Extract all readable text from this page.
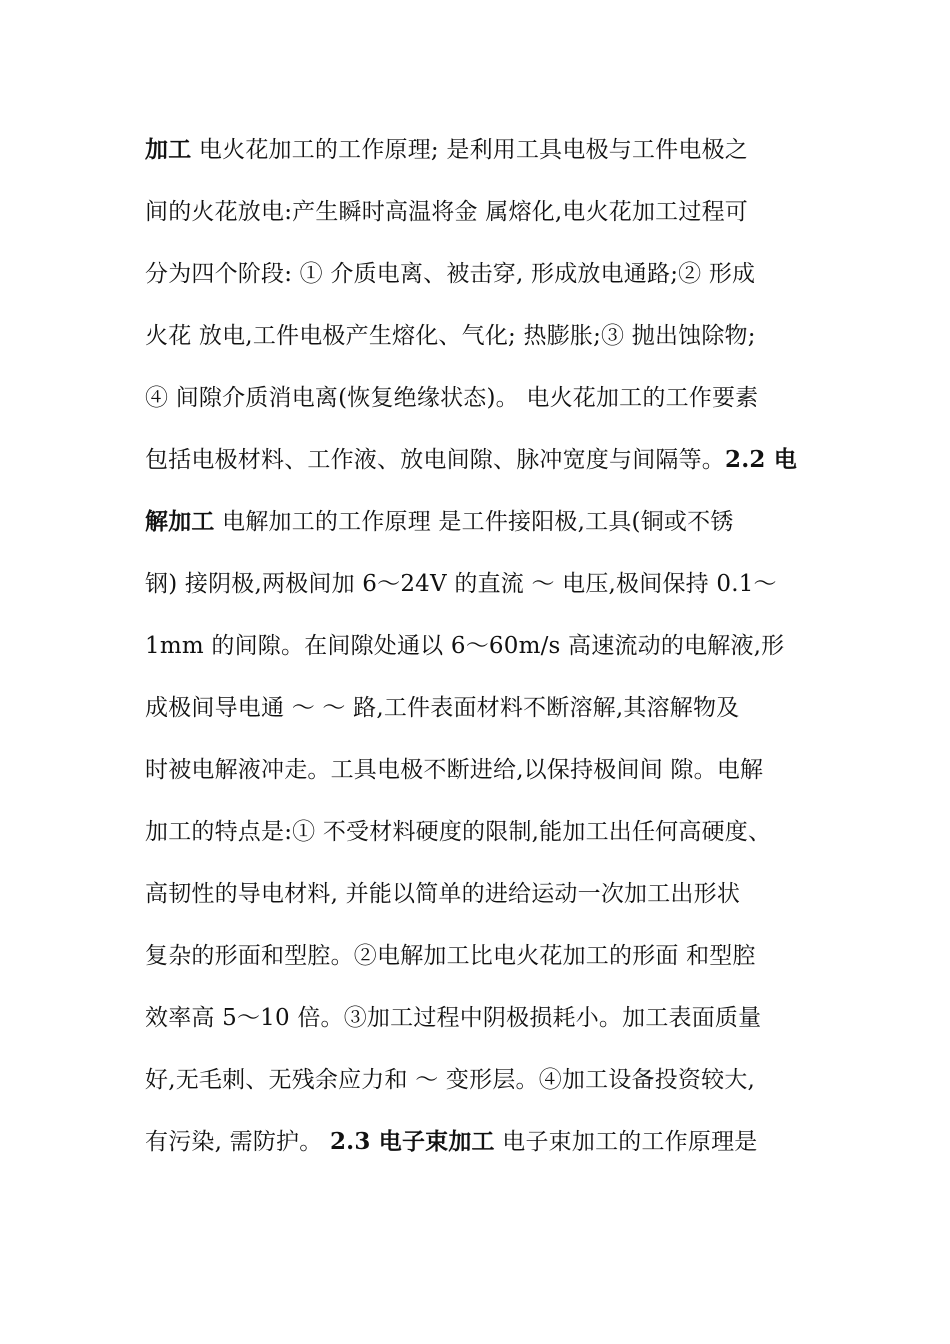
加工 电火花加工的工作原理; 是利用工具电极与工件电极之
间的火花放电:产生瞬时高温将金 属熔化,电火花加工过程可
分为四个阶段: ① 介质电离、被击穿, 形成放电通路;② 形成
火花 放电,工件电极产生熔化、气化; 热膨胀;③ 抛出蚀除物;
④ 间隙介质消电离(恢复绝缘状态)。 电火花加工的工作要素
包括电极材料、工作液、放电间隙、脉冲宽度与间隔等。2.2 电
解加工 电解加工的工作原理 是工件接阳极,工具(铜或不锈
钢) 接阴极,两极间加 6～24V 的直流 ～ 电压,极间保持 0.1～
1mm 的间隙。在间隙处通以 6～60m/s 高速流动的电解液,形
成极间导电通 ～ ～ 路,工件表面材料不断溶解,其溶解物及
时被电解液冲走。工具电极不断进给,以保持极间间 隙。电解
加工的特点是:① 不受材料硬度的限制,能加工出任何高硬度、
高韧性的导电材料, 并能以简单的进给运动一次加工出形状
复杂的形面和型腔。②电解加工比电火花加工的形面 和型腔
效率高 5～10 倍。③加工过程中阴极损耗小。加工表面质量
好,无毛刺、无残余应力和 ～ 变形层。④加工设备投资较大,
有污染, 需防护。 2.3 电子束加工 电子束加工的工作原理是
